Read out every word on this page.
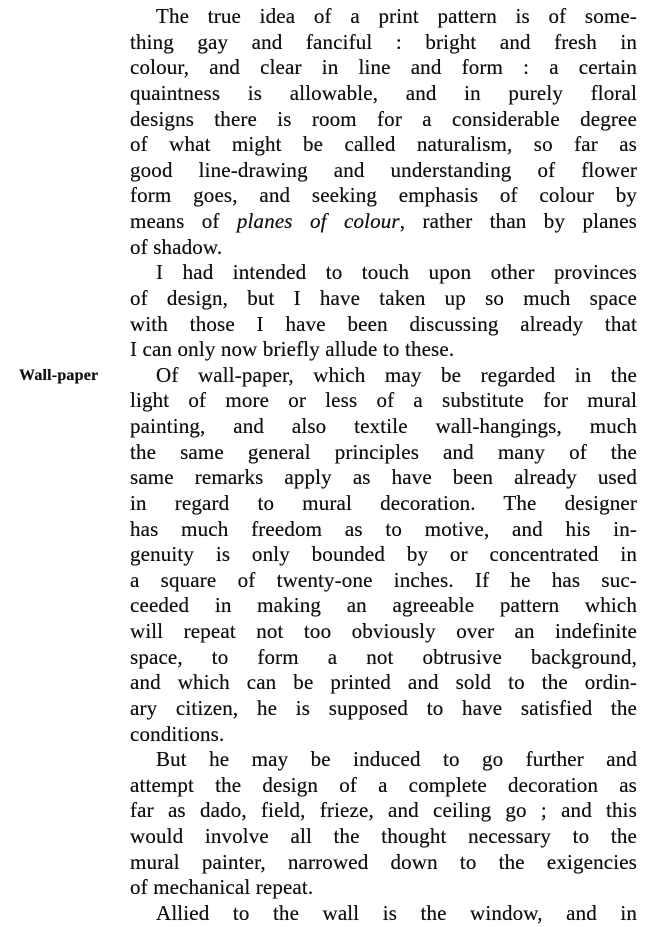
Wall-paper
The true idea of a print pattern is of some-
thing gay and fanciful : bright and fresh in
colour, and clear in line and form : a certain
quaintness is allowable, and in purely floral
designs there is room for a considerable degree
of what might be called naturalism, so far as
good line-drawing and understanding of flower
form goes, and seeking emphasis of colour by
means of planes of colour, rather than by planes
of shadow.
I had intended to touch upon other provinces
of design, but I have taken up so much space
with those I have been discussing already that
I can only now briefly allude to these.
Of wall-paper, which may be regarded in the
light of more or less of a substitute for mural
painting, and also textile wall-hangings, much
the same general principles and many of the
same remarks apply as have been already used
in regard to mural decoration. The designer
has much freedom as to motive, and his in-
genuity is only bounded by or concentrated in
a square of twenty-one inches. If he has suc-
ceeded in making an agreeable pattern which
will repeat not too obviously over an indefinite
space, to form a not obtrusive background,
and which can be printed and sold to the ordin-
ary citizen, he is supposed to have satisfied the
conditions.
But he may be induced to go further and
attempt the design of a complete decoration as
far as dado, field, frieze, and ceiling go ; and this
would involve all the thought necessary to the
mural painter, narrowed down to the exigencies
of mechanical repeat.
Allied to the wall is the window, and in
